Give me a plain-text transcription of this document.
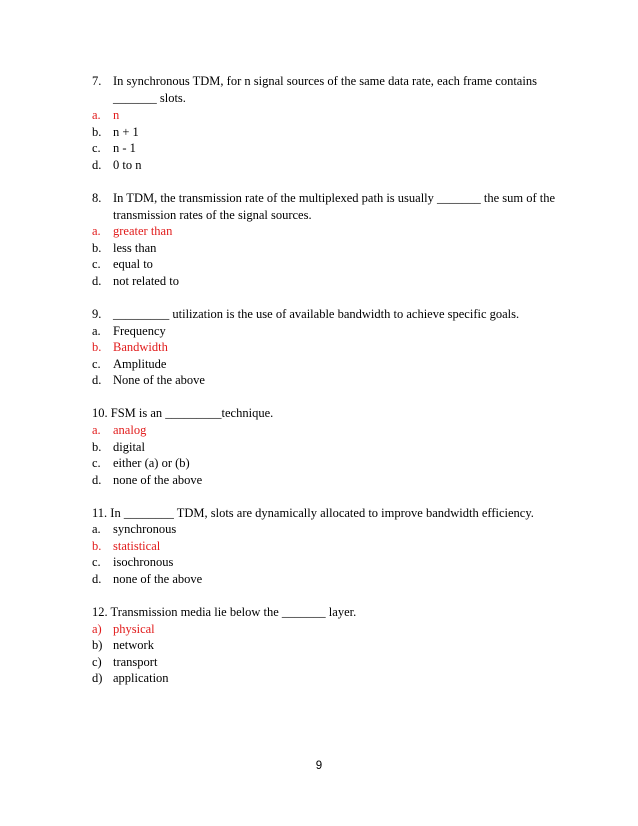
7. In synchronous TDM, for n signal sources of the same data rate, each frame contains
_______ slots.
a. n
b. n + 1
c. n - 1
d. 0 to n
8. In TDM, the transmission rate of the multiplexed path is usually _______ the sum of the
transmission rates of the signal sources.
a. greater than
b. less than
c. equal to
d. not related to
9. _________ utilization is the use of available bandwidth to achieve specific goals.
a. Frequency
b. Bandwidth
c. Amplitude
d. None of the above
10. FSM is an _________technique.
a. analog
b. digital
c. either (a) or (b)
d. none of the above
11. In ________ TDM, slots are dynamically allocated to improve bandwidth efficiency.
a. synchronous
b. statistical
c. isochronous
d. none of the above
12. Transmission media lie below the _______ layer.
a) physical
b) network
c) transport
d) application
9
